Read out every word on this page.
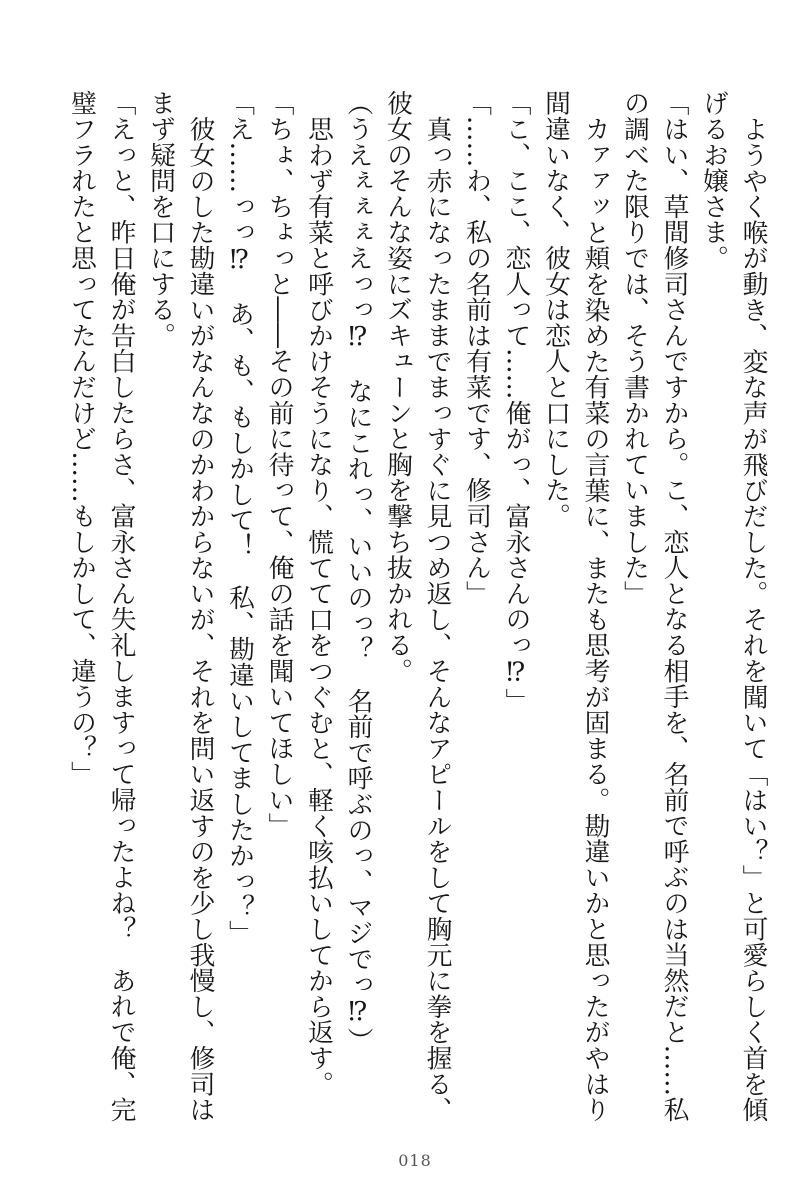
ようやく喉が動き、変な声が飛びだした。それを聞いて「はい？」と可愛らしく首を傾
げるお嬢さま。
「はい、草間修司さんですから。こ、恋人となる相手を、名前で呼ぶのは当然だと……私
の調べた限りでは、そう書かれていました」
カァァッと頬を染めた有菜の言葉に、またも思考が固まる。勘違いかと思ったがやはり
間違いなく、彼女は恋人と口にした。
「こ、ここ、恋人って……俺がっ、富永さんのっ⁉」
「……わ、私の名前は有菜です、修司さん」
真っ赤になったままでまっすぐに見つめ返し、そんなアピールをして胸元に拳を握る、
彼女のそんな姿にズキューンと胸を撃ち抜かれる。
（うえぇぇぇえっっ⁉　なにこれっ、いいのっ？　名前で呼ぶのっ、マジでっ⁉）
思わず有菜と呼びかけそうになり、慌てて口をつぐむと、軽く咳払いしてから返す。
「ちょ、ちょっと――その前に待って、俺の話を聞いてほしい」
「え……っっ⁉　あ、も、もしかして！　私、勘違いしてましたかっ？」
彼女のした勘違いがなんなのかわからないが、それを問い返すのを少し我慢し、修司は
まず疑問を口にする。
「えっと、昨日俺が告白したらさ、富永さん失礼しますって帰ったよね？　あれで俺、完
璧フラれたと思ってたんだけど……もしかして、違うの？」
018
